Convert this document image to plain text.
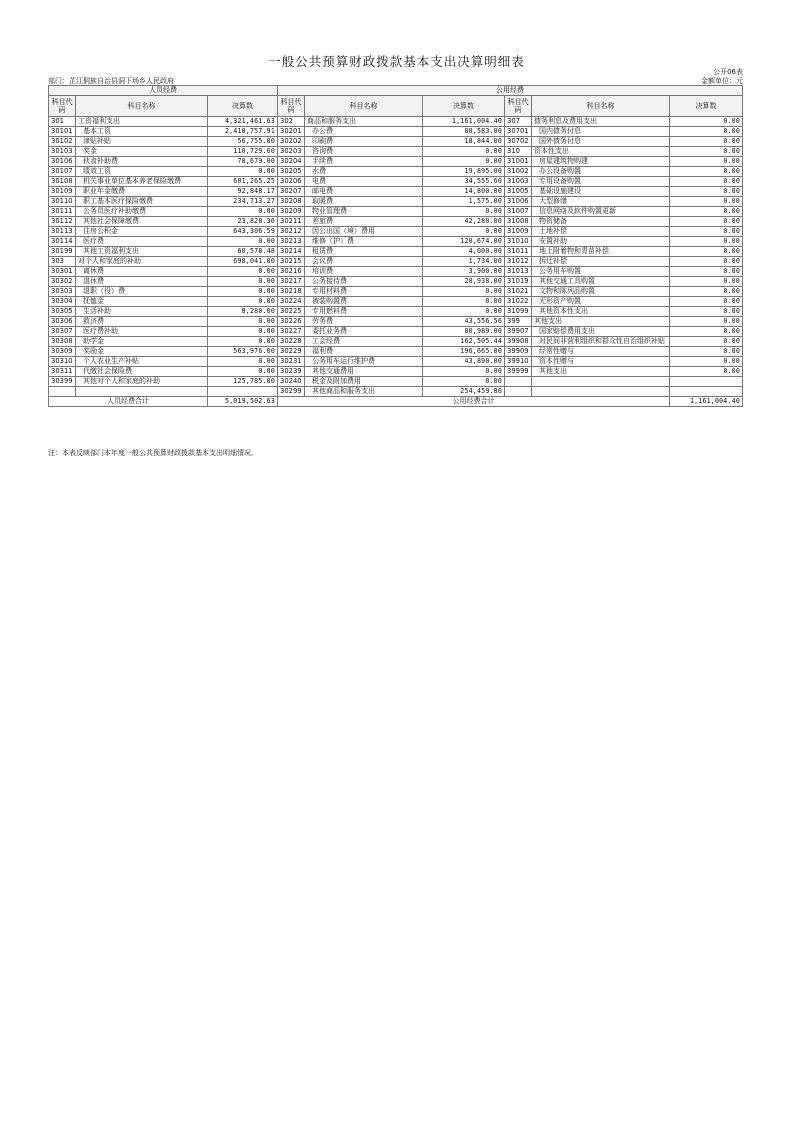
一般公共预算财政拨款基本支出决算明细表
公开06表
部门：芷江侗族自治县洞下场乡人民政府	金额单位：元
人员经费			公用经费					
科目代码	科目名称	决算数	科目代码	科目名称	决算数	科目代码	科目名称	决算数
301	工资福利支出	4,321,461.63	302	商品和服务支出	1,161,004.40	307	债务利息及费用支出	0.00
30101	基本工资	2,418,757.91	30201	办公费	88,583.00	30701	国内债务付息	0.00
30102	津贴补贴	56,755.00	30202	印刷费	18,844.00	30702	国外债务付息	0.00
30103	奖金	110,729.60	30203	咨询费	0.00	310	资本性支出	0.00
30106	伙食补助费	78,679.00	30204	手续费	0.00	31001	房屋建筑物购建	0.00
30107	绩效工资	0.00	30205	水费	19,895.00	31002	办公设备购置	0.00
30108	机关事业单位基本养老保险缴费	601,265.25	30206	电费	34,555.60	31003	专用设备购置	0.00
30109	职业年金缴费	92,848.17	30207	邮电费	14,800.00	31005	基础设施建设	0.00
30110	职工基本医疗保险缴费	234,713.27	30208	取暖费	1,575.00	31006	大型修缮	0.00
30111	公务员医疗补助缴费	0.00	30209	物业管理费	0.00	31007	信息网络及软件购置更新	0.00
30112	其他社会保障缴费	23,828.36	30211	差旅费	42,280.00	31008	物资储备	0.00
30113	住房公积金	643,306.59	30212	因公出国（境）费用	0.00	31009	土地补偿	0.00
30114	医疗费	0.00	30213	维修（护）费	120,674.00	31010	安置补助	0.00
30199	其他工资福利支出	60,578.48	30214	租赁费	4,000.00	31011	地上附着物和青苗补偿	0.00
303	对个人和家庭的补助	698,041.00	30215	会议费	1,734.00	31012	拆迁补偿	0.00
30301	离休费	0.00	30216	培训费	3,900.00	31013	公务用车购置	0.00
30302	退休费	0.00	30217	公务接待费	28,938.00	31019	其他交通工具购置	0.00
30303	退职（役）费	0.00	30218	专用材料费	0.00	31021	文物和陈列品购置	0.00
30304	抚恤金	0.00	30224	被装购置费	0.00	31022	无形资产购置	0.00
30305	生活补助	8,280.00	30225	专用燃料费	0.00	31099	其他资本性支出	0.00
30306	救济费	0.00	30226	劳务费	43,556.56	399	其他支出	0.00
30307	医疗费补助	0.00	30227	委托业务费	80,989.00	39907	国家赔偿费用支出	0.00
30308	助学金	0.00	30228	工会经费	162,505.44	39908	对民间非营利组织和群众性自治组织补贴	0.00
30309	奖励金	563,976.00	30229	福利费	196,665.00	39909	经常性赠与	0.00
30310	个人农业生产补贴	0.00	30231	公务用车运行维护费	43,890.00	39910	资本性赠与	0.00
30311	代缴社会保险费	0.00	30239	其他交通费用	0.00	39999	其他支出	0.00
30399	其他对个人和家庭的补助	125,785.00	30240	税金及附加费用	0.00			
			30299	其他商品和服务支出	254,459.80			
人员经费合计		5,019,502.63	公用经费合计					1,161,004.40
注：本表反映部门本年度一般公共预算财政拨款基本支出明细情况。
